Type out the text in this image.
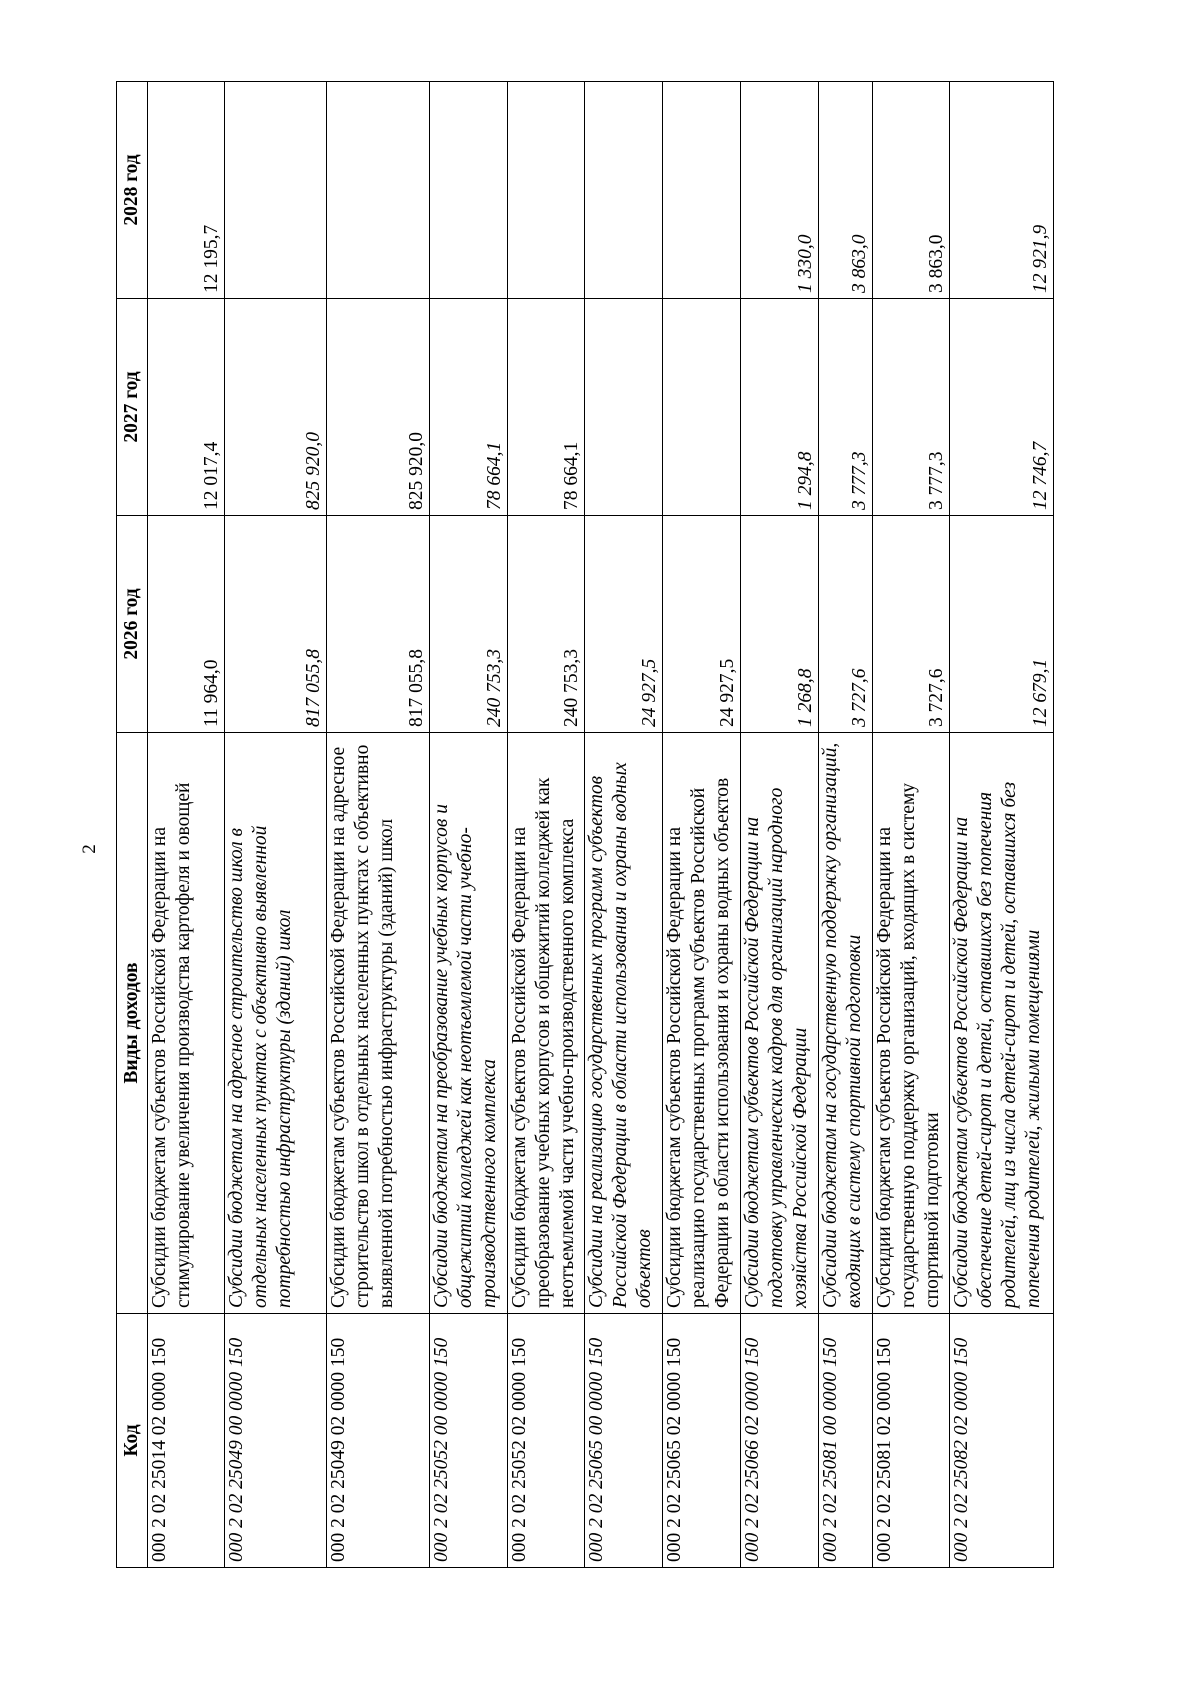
2
Код	Виды доходов	2026 год	2027 год	2028 год
000 2 02 25014 02 0000 150	Субсидии бюджетам субъектов Российской Федерации на стимулирование увеличения производства картофеля и овощей	11 964,0	12 017,4	12 195,7
000 2 02 25049 00 0000 150	Субсидии бюджетам на адресное строительство школ в отдельных населенных пунктах с объективно выявленной потребностью инфраструктуры (зданий) школ	817 055,8	825 920,0	
000 2 02 25049 02 0000 150	Субсидии бюджетам субъектов Российской Федерации на адресное строительство школ в отдельных населенных пунктах с объективно выявленной потребностью инфраструктуры (зданий) школ	817 055,8	825 920,0	
000 2 02 25052 00 0000 150	Субсидии бюджетам на преобразование учебных корпусов и общежитий колледжей как неотъемлемой части учебно-производственного комплекса	240 753,3	78 664,1	
000 2 02 25052 02 0000 150	Субсидии бюджетам субъектов Российской Федерации на преобразование учебных корпусов и общежитий колледжей как неотъемлемой части учебно-производственного комплекса	240 753,3	78 664,1	
000 2 02 25065 00 0000 150	Субсидии на реализацию государственных программ субъектов Российской Федерации в области использования и охраны водных объектов	24 927,5		
000 2 02 25065 02 0000 150	Субсидии бюджетам субъектов Российской Федерации на реализацию государственных программ субъектов Российской Федерации в области использования и охраны водных объектов	24 927,5		
000 2 02 25066 02 0000 150	Субсидии бюджетам субъектов Российской Федерации на подготовку управленческих кадров для организаций народного хозяйства Российской Федерации	1 268,8	1 294,8	1 330,0
000 2 02 25081 00 0000 150	Субсидии бюджетам на государственную поддержку организаций, входящих в систему спортивной подготовки	3 727,6	3 777,3	3 863,0
000 2 02 25081 02 0000 150	Субсидии бюджетам субъектов Российской Федерации на государственную поддержку организаций, входящих в систему спортивной подготовки	3 727,6	3 777,3	3 863,0
000 2 02 25082 02 0000 150	Субсидии бюджетам субъектов Российской Федерации на обеспечение детей-сирот и детей, оставшихся без попечения родителей, лиц из числа детей-сирот и детей, оставшихся без попечения родителей, жилыми помещениями	12 679,1	12 746,7	12 921,9
